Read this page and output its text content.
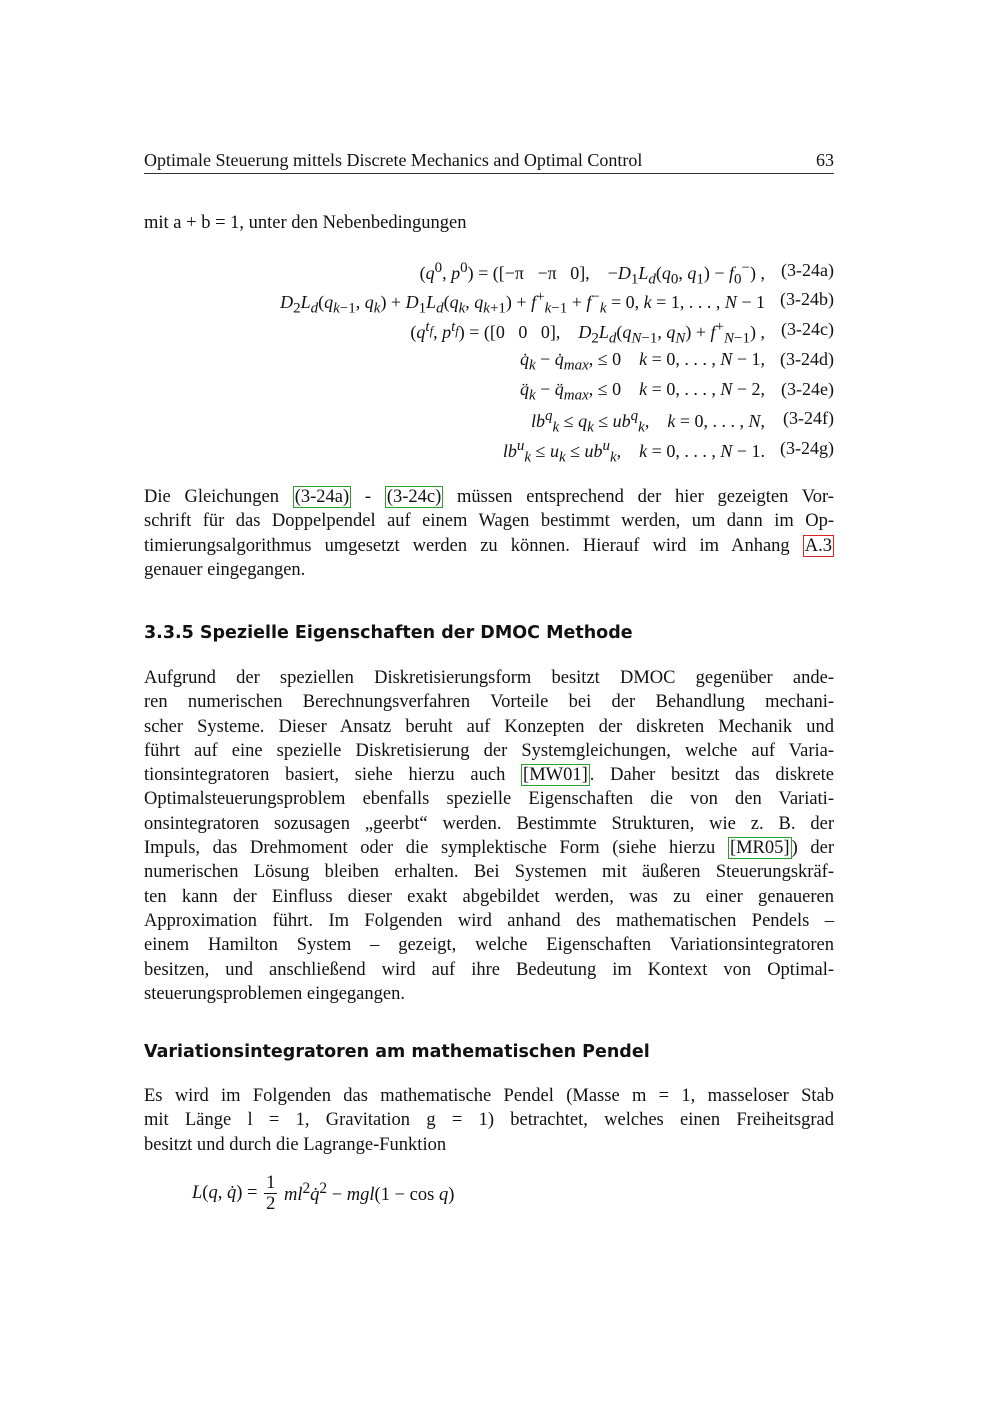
Optimale Steuerung mittels Discrete Mechanics and Optimal Control	63
mit a + b = 1, unter den Nebenbedingungen
($q^0$, $p^0) = ([-\pi -\pi$   0],    $-D_1L_d(q_0$, $q_1) - f_0^-$) , (3-24a)
$D_2L_d(q_{k-1}$, $q_k) + D_1L_d(q_k$, $q_{k+1}) + f^+_{k-1} + f^-_k = 0$, k = 1, . . . , N − 1 (3-24b)
($q^{t_f}$, $p^{t_f}) = ([0$   0   0],    $D_2L_d(q_{N-1}$, $q_N) + f^+_{N-1}$) , (3-24c)
$q̇_k$ − $q̇_{max}$, ≤ 0    k = 0, . . . , N − 1, (3-24d)
$q̈_k$ − $q̈_{max}$, ≤ 0    k = 0, . . . , N − 2, (3-24e)
$lb^q_k \le q_k \le ub^q_k$,    k = 0, . . . , N, (3-24f)
$lb^u_k \le u_k \le ub^u_k$,    k = 0, . . . , N − 1. (3-24g)
Die Gleichungen (3-24a) - (3-24c) müssen entsprechend der hier gezeigten Vor-
schrift für das Doppelpendel auf einem Wagen bestimmt werden, um dann im Op-
timierungsalgorithmus umgesetzt werden zu können. Hierauf wird im Anhang A.3
genauer eingegangen.
3.3.5 Spezielle Eigenschaften der DMOC Methode
Aufgrund der speziellen Diskretisierungsform besitzt DMOC gegenüber ande-
ren numerischen Berechnungsverfahren Vorteile bei der Behandlung mechani-
scher Systeme. Dieser Ansatz beruht auf Konzepten der diskreten Mechanik und
führt auf eine spezielle Diskretisierung der Systemgleichungen, welche auf Varia-
tionsintegratoren basiert, siehe hierzu auch [MW01] . Daher besitzt das diskrete
Optimalsteuerungsproblem ebenfalls spezielle Eigenschaften die von den Variati-
onsintegratoren sozusagen „geerbt“ werden. Bestimmte Strukturen, wie z. B. der
Impuls, das Drehmoment oder die symplektische Form (siehe hierzu [MR05] ) der
numerischen Lösung bleiben erhalten. Bei Systemen mit äußeren Steuerungskräf-
ten kann der Einfluss dieser exakt abgebildet werden, was zu einer genaueren
Approximation führt. Im Folgenden wird anhand des mathematischen Pendels –
einem Hamilton System – gezeigt, welche Eigenschaften Variationsintegratoren
besitzen, und anschließend wird auf ihre Bedeutung im Kontext von Optimal-
steuerungsproblemen eingegangen.
Variationsintegratoren am mathematischen Pendel
Es wird im Folgenden das mathematische Pendel (Masse m = 1, masseloser Stab
mit Länge l = 1, Gravitation g = 1) betrachtet, welches einen Freiheitsgrad
besitzt und durch die Lagrange-Funktion
L(q, q̇) = $\frac{1}{2}$ $ml^2q̇^2 - mgl(1 - \cos q)$
